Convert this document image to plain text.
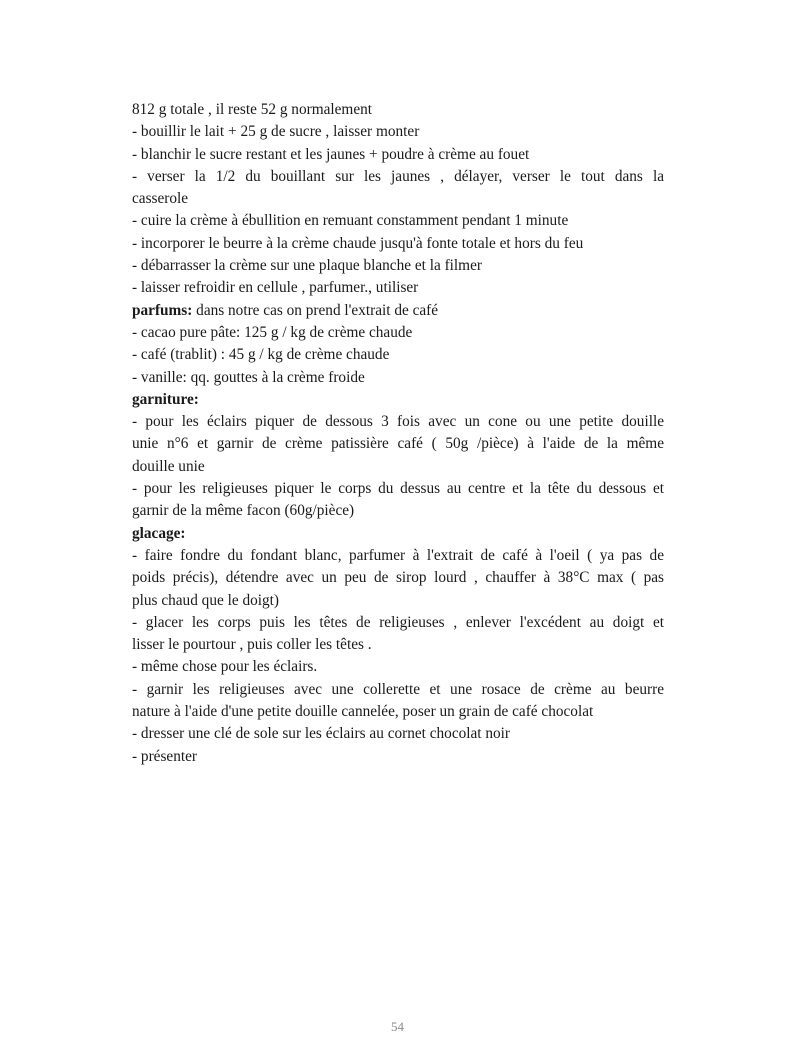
812 g totale , il reste 52 g normalement
- bouillir le lait + 25 g de sucre , laisser monter
- blanchir le sucre restant et les jaunes + poudre à crème au fouet
- verser la 1/2 du bouillant sur les jaunes , délayer, verser le tout dans la
casserole
- cuire la crème à ébullition en remuant constamment pendant 1 minute
- incorporer le beurre à la crème chaude jusqu'à fonte totale et hors du feu
- débarrasser la crème sur une plaque blanche et la filmer
- laisser refroidir en cellule , parfumer., utiliser
parfums: dans notre cas on prend l'extrait de café
- cacao pure pâte: 125 g / kg de crème chaude
- café (trablit) : 45 g / kg de crème chaude
- vanille: qq. gouttes à la crème froide
garniture:
- pour les éclairs piquer de dessous 3 fois avec un cone ou une petite douille
unie n°6 et garnir de crème patissière café ( 50g /pièce) à l'aide de la même
douille unie
- pour les religieuses piquer le corps du dessus au centre et la tête du dessous et
garnir de la même facon (60g/pièce)
glacage:
- faire fondre du fondant blanc, parfumer à l'extrait de café à l'oeil ( ya pas de
poids précis), détendre avec un peu de sirop lourd , chauffer à 38°C max ( pas
plus chaud que le doigt)
- glacer les corps puis les têtes de religieuses , enlever l'excédent au doigt et
lisser le pourtour , puis coller les têtes .
- même chose pour les éclairs.
- garnir les religieuses avec une collerette et une rosace de crème au beurre
nature à l'aide d'une petite douille cannelée, poser un grain de café chocolat
- dresser une clé de sole sur les éclairs au cornet chocolat noir
- présenter
54
